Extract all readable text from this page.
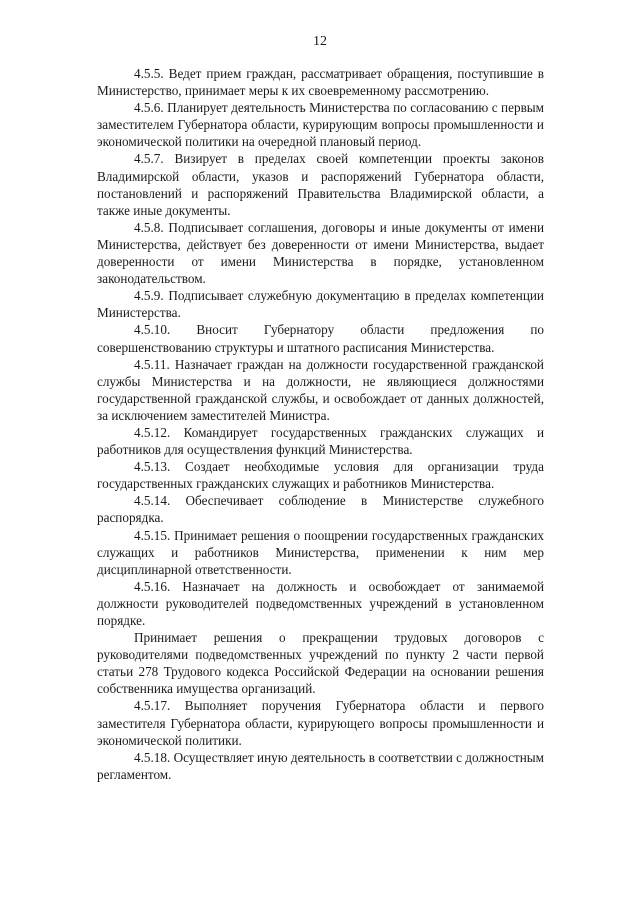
12

4.5.5. Ведет прием граждан, рассматривает обращения, поступившие в Министерство, принимает меры к их своевременному рассмотрению.

4.5.6. Планирует деятельность Министерства по согласованию с первым заместителем Губернатора области, курирующим вопросы промышленности и экономической политики на очередной плановый период.

4.5.7. Визирует в пределах своей компетенции проекты законов Владимирской области, указов и распоряжений Губернатора области, постановлений и распоряжений Правительства Владимирской области, а также иные документы.

4.5.8. Подписывает соглашения, договоры и иные документы от имени Министерства, действует без доверенности от имени Министерства, выдает доверенности от имени Министерства в порядке, установленном законодательством.

4.5.9. Подписывает служебную документацию в пределах компетенции Министерства.

4.5.10. Вносит Губернатору области предложения по совершенствованию структуры и штатного расписания Министерства.

4.5.11. Назначает граждан на должности государственной гражданской службы Министерства и на должности, не являющиеся должностями государственной гражданской службы, и освобождает от данных должностей, за исключением заместителей Министра.

4.5.12. Командирует государственных гражданских служащих и работников для осуществления функций Министерства.

4.5.13. Создает необходимые условия для организации труда государственных гражданских служащих и работников Министерства.

4.5.14. Обеспечивает соблюдение в Министерстве служебного распорядка.

4.5.15. Принимает решения о поощрении государственных гражданских служащих и работников Министерства, применении к ним мер дисциплинарной ответственности.

4.5.16. Назначает на должность и освобождает от занимаемой должности руководителей подведомственных учреждений в установленном порядке.

Принимает решения о прекращении трудовых договоров с руководителями подведомственных учреждений по пункту 2 части первой статьи 278 Трудового кодекса Российской Федерации на основании решения собственника имущества организаций.

4.5.17. Выполняет поручения Губернатора области и первого заместителя Губернатора области, курирующего вопросы промышленности и экономической политики.

4.5.18. Осуществляет иную деятельность в соответствии с должностным регламентом.
